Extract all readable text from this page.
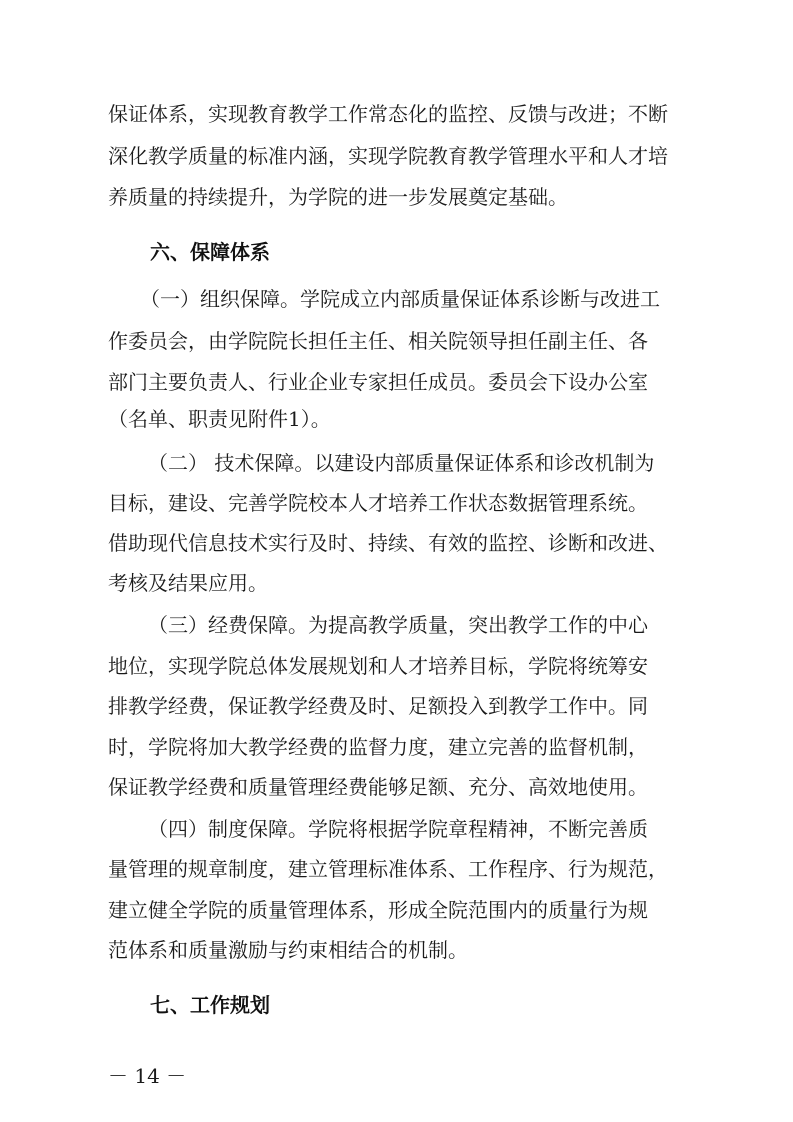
保证体系，实现教育教学工作常态化的监控、反馈与改进；不断
深化教学质量的标准内涵，实现学院教育教学管理水平和人才培
养质量的持续提升，为学院的进一步发展奠定基础。
六、保障体系
（一）组织保障。学院成立内部质量保证体系诊断与改进工
作委员会，由学院院长担任主任、相关院领导担任副主任、各
部门主要负责人、行业企业专家担任成员。委员会下设办公室
（名单、职责见附件1）。
（二） 技术保障。以建设内部质量保证体系和诊改机制为
目标，建设、完善学院校本人才培养工作状态数据管理系统。
借助现代信息技术实行及时、持续、有效的监控、诊断和改进、
考核及结果应用。
（三）经费保障。为提高教学质量，突出教学工作的中心
地位，实现学院总体发展规划和人才培养目标，学院将统筹安
排教学经费，保证教学经费及时、足额投入到教学工作中。同
时，学院将加大教学经费的监督力度，建立完善的监督机制，
保证教学经费和质量管理经费能够足额、充分、高效地使用。
（四）制度保障。学院将根据学院章程精神，不断完善质
量管理的规章制度，建立管理标准体系、工作程序、行为规范，
建立健全学院的质量管理体系，形成全院范围内的质量行为规
范体系和质量激励与约束相结合的机制。
七、工作规划
－ 14 －
